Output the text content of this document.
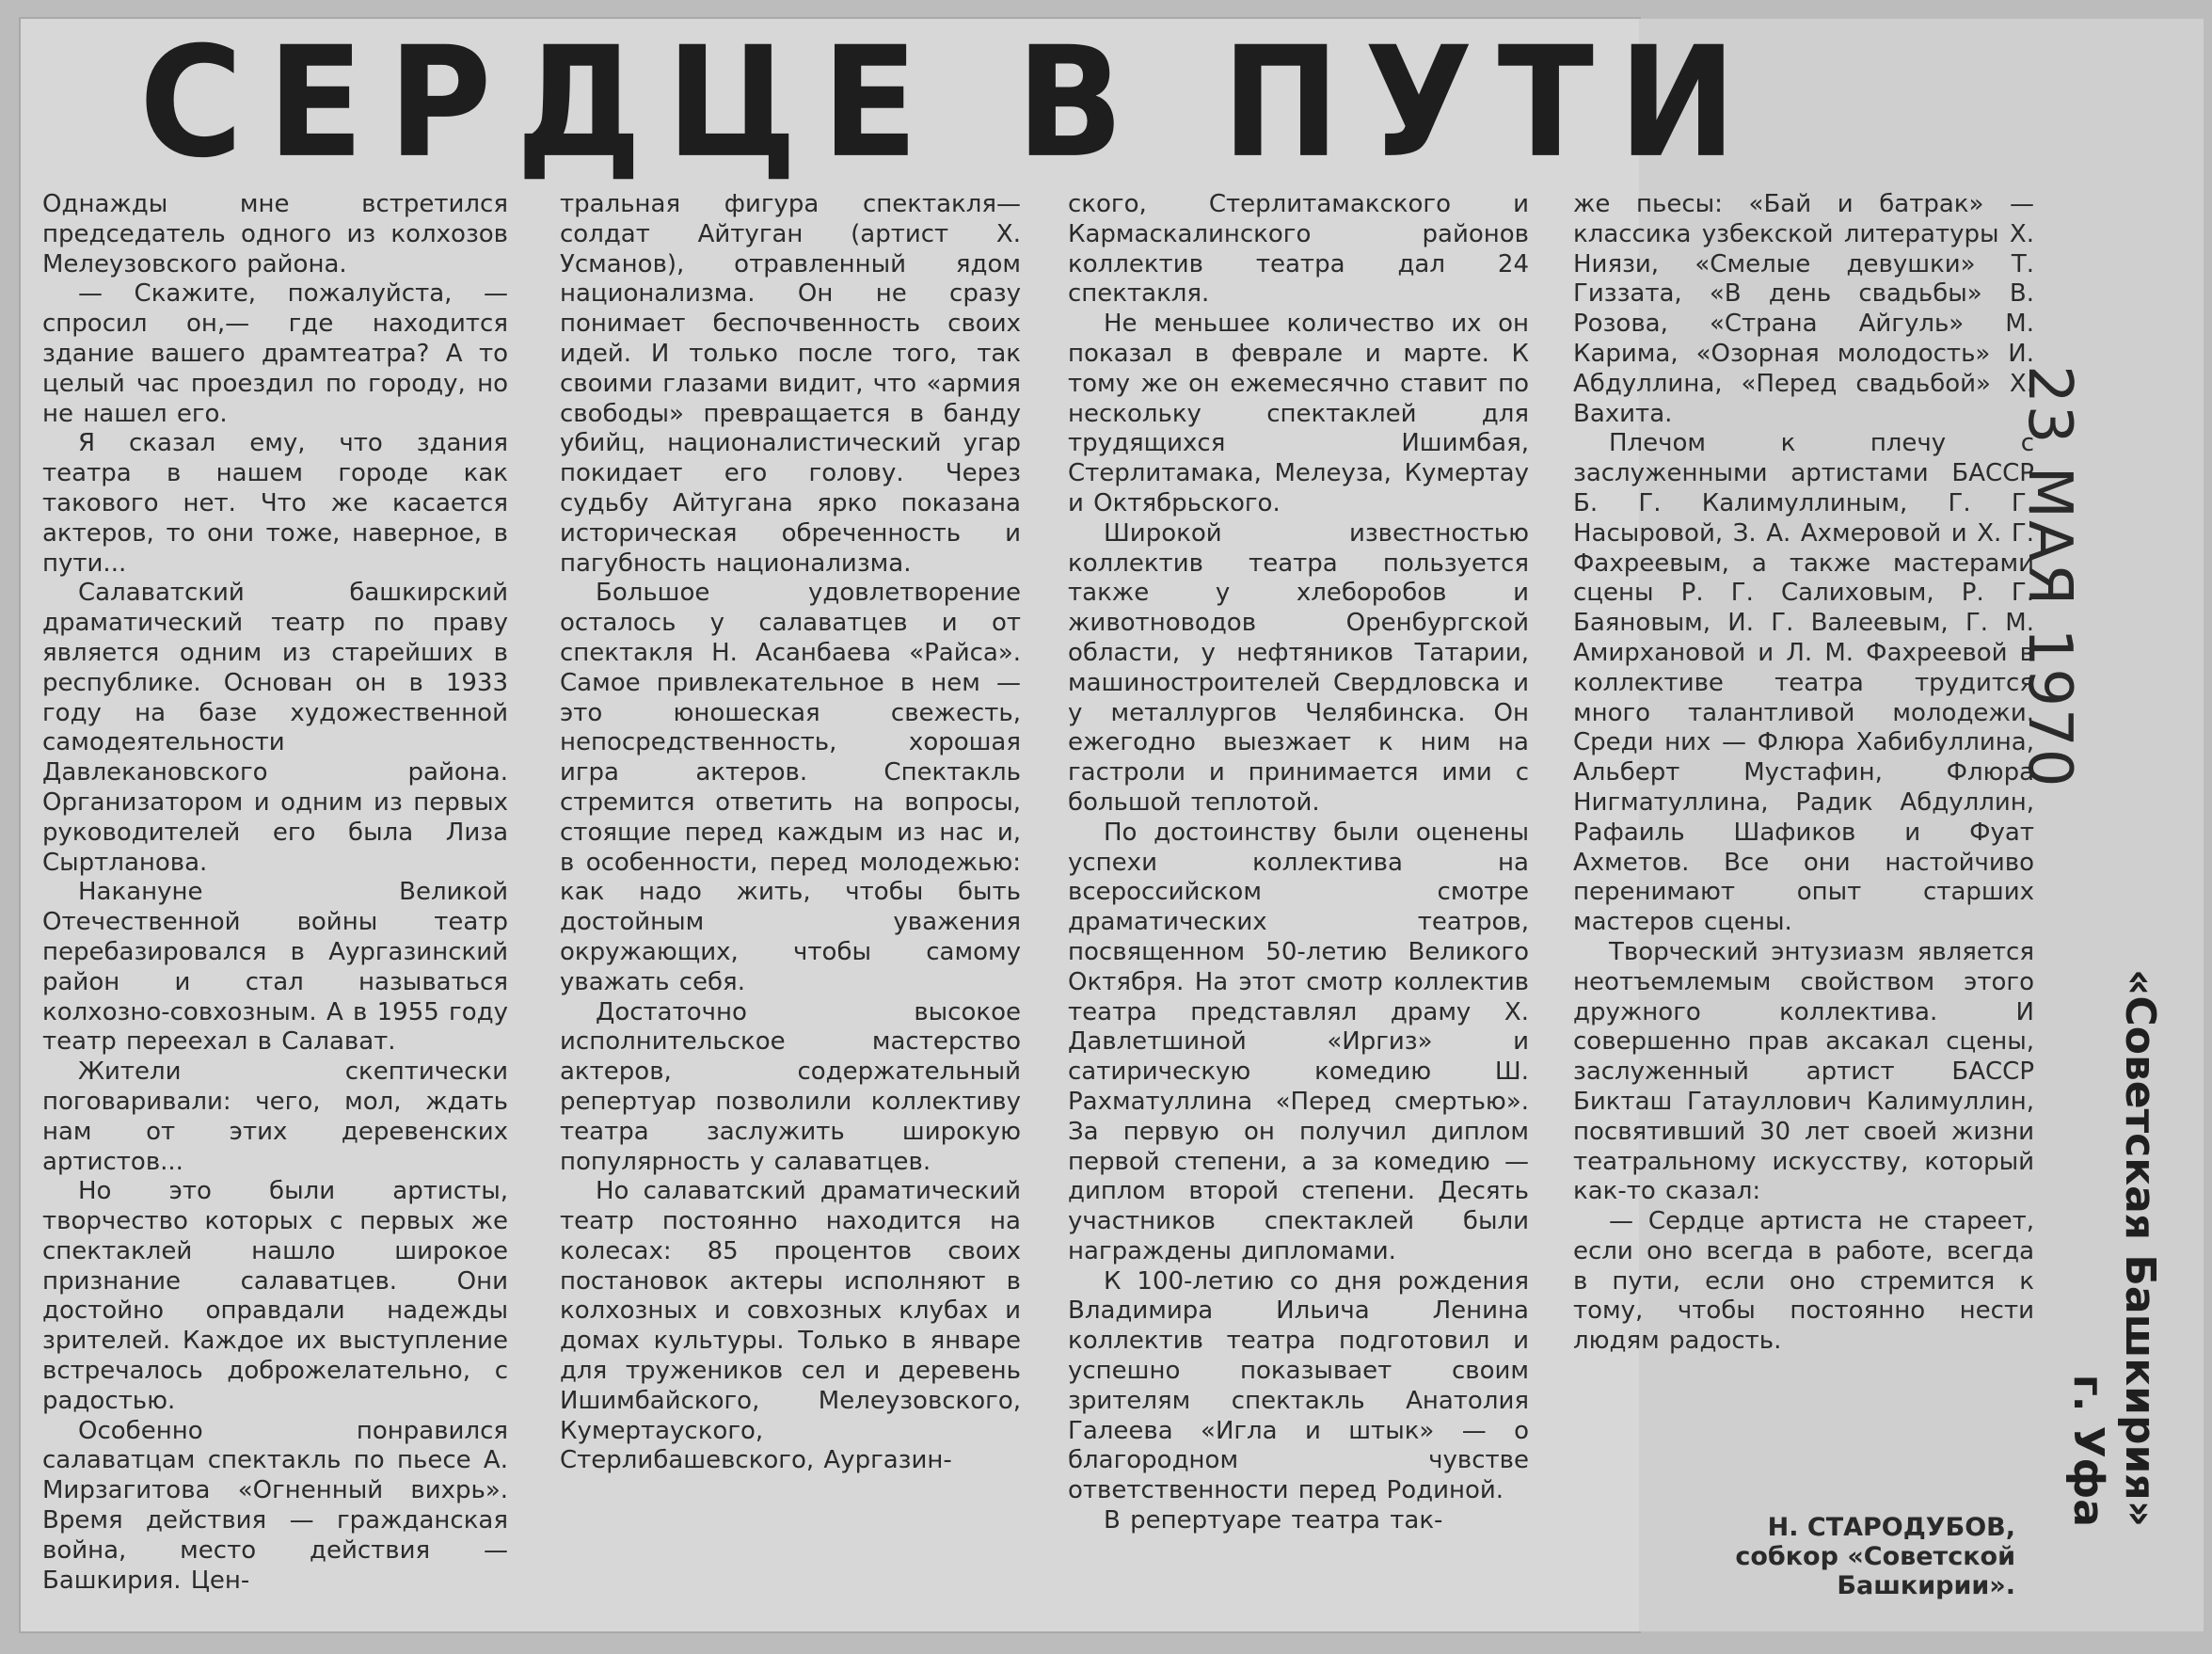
СЕРДЦЕ В ПУТИ

Однажды мне встретился председатель одного из колхозов Мелеузовского района.

— Скажите, пожалуйста, — спросил он,— где находится здание вашего драмтеатра? А то целый час проездил по городу, но не нашел его.

Я сказал ему, что здания театра в нашем городе как такового нет. Что же касается актеров, то они тоже, наверное, в пути...

Салаватский башкирский драматический театр по праву является одним из старейших в республике. Основан он в 1933 году на базе художественной самодеятельности Давлекановского района. Организатором и одним из первых руководителей его была Лиза Сыртланова.

Накануне Великой Отечественной войны театр перебазировался в Аургазинский район и стал называться колхозно-совхозным. А в 1955 году театр переехал в Салават.

Жители скептически поговаривали: чего, мол, ждать нам от этих деревенских артистов...

Но это были артисты, творчество которых с первых же спектаклей нашло широкое признание салаватцев. Они достойно оправдали надежды зрителей. Каждое их выступление встречалось доброжелательно, с радостью.

Особенно понравился салаватцам спектакль по пьесе А. Мирзагитова «Огненный вихрь». Время действия — гражданская война, место действия — Башкирия. Цен-

тральная фигура спектакля— солдат Айтуган (артист Х. Усманов), отравленный ядом национализма. Он не сразу понимает беспочвенность своих идей. И только после того, так своими глазами видит, что «армия свободы» превращается в банду убийц, националистический угар покидает его голову. Через судьбу Айтугана ярко показана историческая обреченность и пагубность национализма.

Большое удовлетворение осталось у салаватцев и от спектакля Н. Асанбаева «Райса». Самое привлекательное в нем — это юношеская свежесть, непосредственность, хорошая игра актеров. Спектакль стремится ответить на вопросы, стоящие перед каждым из нас и, в особенности, перед молодежью: как надо жить, чтобы быть достойным уважения окружающих, чтобы самому уважать себя.

Достаточно высокое исполнительское мастерство актеров, содержательный репертуар позволили коллективу театра заслужить широкую популярность у салаватцев.

Но салаватский драматический театр постоянно находится на колесах: 85 процентов своих постановок актеры исполняют в колхозных и совхозных клубах и домах культуры. Только в январе для тружеников сел и деревень Ишимбайского, Мелеузовского, Кумертауского, Стерлибашевского, Аургазин-

ского, Стерлитамакского и Кармаскалинского районов коллектив театра дал 24 спектакля.

Не меньшее количество их он показал в феврале и марте. К тому же он ежемесячно ставит по нескольку спектаклей для трудящихся Ишимбая, Стерлитамака, Мелеуза, Кумертау и Октябрьского.

Широкой известностью коллектив театра пользуется также у хлеборобов и животноводов Оренбургской области, у нефтяников Татарии, машиностроителей Свердловска и у металлургов Челябинска. Он ежегодно выезжает к ним на гастроли и принимается ими с большой теплотой.

По достоинству были оценены успехи коллектива на всероссийском смотре драматических театров, посвященном 50-летию Великого Октября. На этот смотр коллектив театра представлял драму Х. Давлетшиной «Иргиз» и сатирическую комедию Ш. Рахматуллина «Перед смертью». За первую он получил диплом первой степени, а за комедию — диплом второй степени. Десять участников спектаклей были награждены дипломами.

К 100-летию со дня рождения Владимира Ильича Ленина коллектив театра подготовил и успешно показывает своим зрителям спектакль Анатолия Галеева «Игла и штык» — о благородном чувстве ответственности перед Родиной.

В репертуаре театра так-

же пьесы: «Бай и батрак» — классика узбекской литературы Х. Ниязи, «Смелые девушки» Т. Гиззата, «В день свадьбы» В. Розова, «Страна Айгуль» М. Карима, «Озорная молодость» И. Абдуллина, «Перед свадьбой» Х. Вахита.

Плечом к плечу с заслуженными артистами БАССР Б. Г. Калимуллиным, Г. Г. Насыровой, З. А. Ахмеровой и Х. Г. Фахреевым, а также мастерами сцены Р. Г. Салиховым, Р. Г. Баяновым, И. Г. Валеевым, Г. М. Амирхановой и Л. М. Фахреевой в коллективе театра трудится много талантливой молодежи. Среди них — Флюра Хабибуллина, Альберт Мустафин, Флюра Нигматуллина, Радик Абдуллин, Рафаиль Шафиков и Фуат Ахметов. Все они настойчиво перенимают опыт старших мастеров сцены.

Творческий энтузиазм является неотъемлемым свойством этого дружного коллектива. И совершенно прав аксакал сцены, заслуженный артист БАССР Бикташ Гатауллович Калимуллин, посвятивший 30 лет своей жизни театральному искусству, который как-то сказал:

— Сердце артиста не стареет, если оно всегда в работе, всегда в пути, если оно стремится к тому, чтобы постоянно нести людям радость.

Н. СТАРОДУБОВ,
собкор «Советской
Башкирии».
23 МАЯ 1970
«Советская Башкирия»
г. Уфа
